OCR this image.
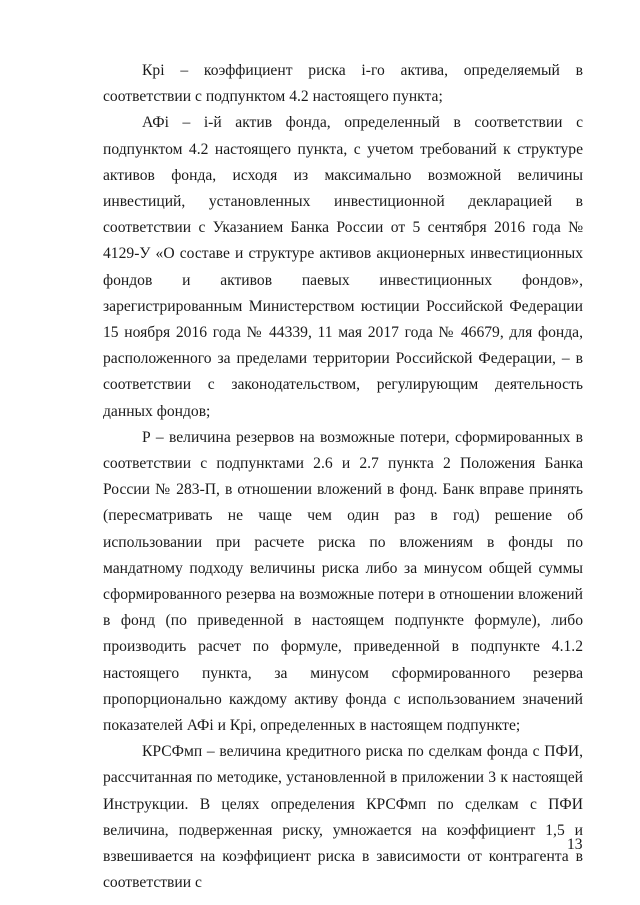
Крi – коэффициент риска i-го актива, определяемый в соответствии с подпунктом 4.2 настоящего пункта;

АФi – i-й актив фонда, определенный в соответствии с подпунктом 4.2 настоящего пункта, с учетом требований к структуре активов фонда, исходя из максимально возможной величины инвестиций, установленных инвестиционной декларацией в соответствии с Указанием Банка России от 5 сентября 2016 года № 4129-У «О составе и структуре активов акционерных инвестиционных фондов и активов паевых инвестиционных фондов», зарегистрированным Министерством юстиции Российской Федерации 15 ноября 2016 года № 44339, 11 мая 2017 года № 46679, для фонда, расположенного за пределами территории Российской Федерации, – в соответствии с законодательством, регулирующим деятельность данных фондов;

Р – величина резервов на возможные потери, сформированных в соответствии с подпунктами 2.6 и 2.7 пункта 2 Положения Банка России № 283-П, в отношении вложений в фонд. Банк вправе принять (пересматривать не чаще чем один раз в год) решение об использовании при расчете риска по вложениям в фонды по мандатному подходу величины риска либо за минусом общей суммы сформированного резерва на возможные потери в отношении вложений в фонд (по приведенной в настоящем подпункте формуле), либо производить расчет по формуле, приведенной в подпункте 4.1.2 настоящего пункта, за минусом сформированного резерва пропорционально каждому активу фонда с использованием значений показателей АФi и Крi, определенных в настоящем подпункте;

КРСФмп – величина кредитного риска по сделкам фонда с ПФИ, рассчитанная по методике, установленной в приложении 3 к настоящей Инструкции. В целях определения КРСФмп по сделкам с ПФИ величина, подверженная риску, умножается на коэффициент 1,5 и взвешивается на коэффициент риска в зависимости от контрагента в соответствии с

13
